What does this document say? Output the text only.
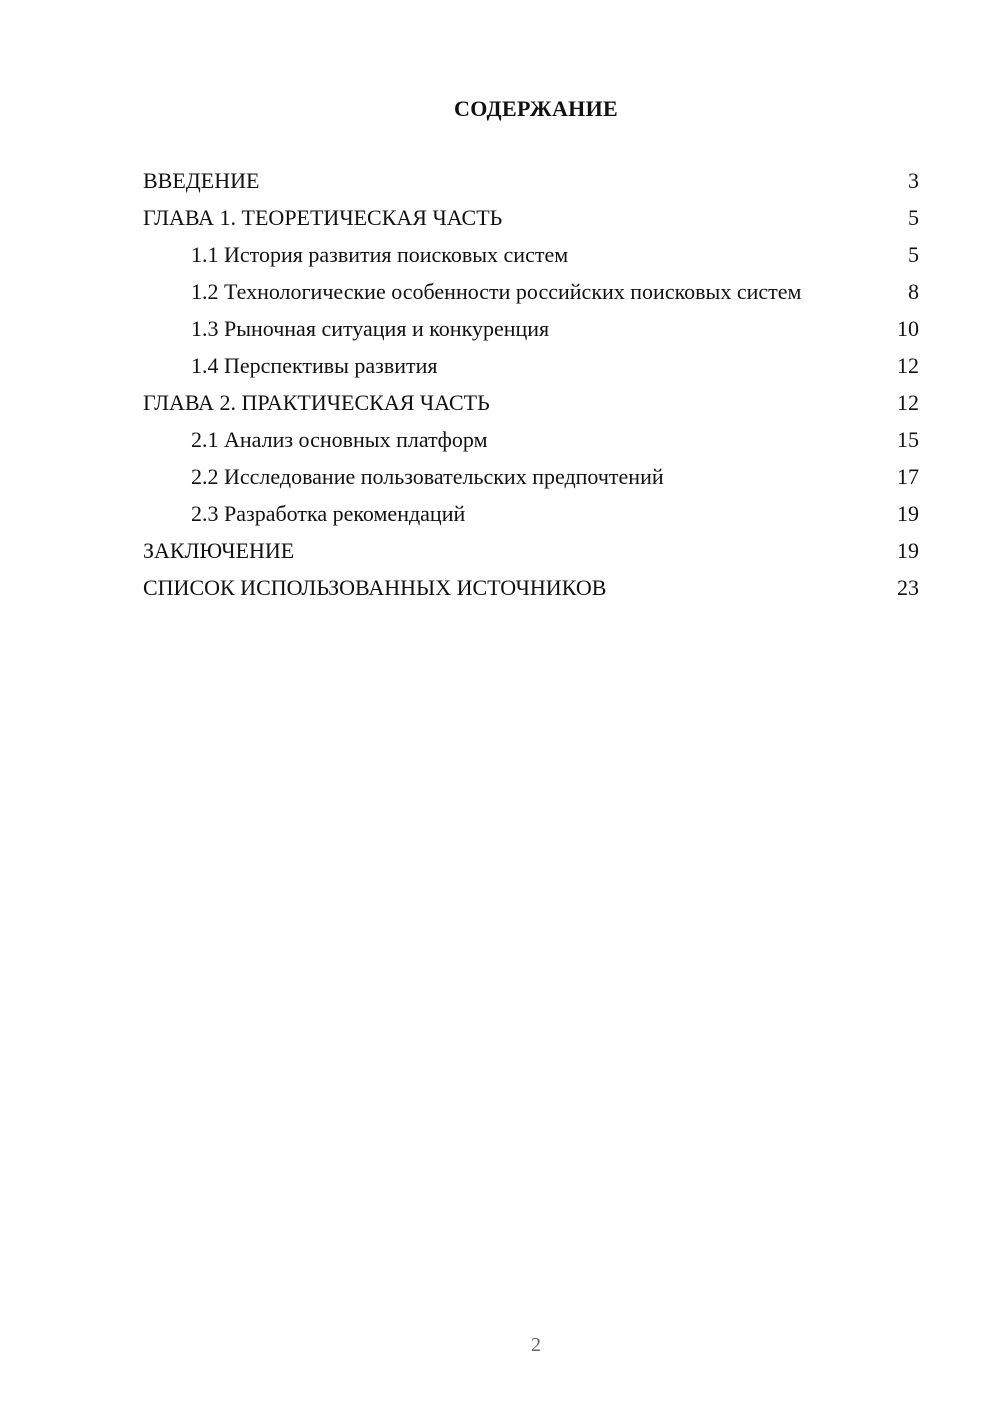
СОДЕРЖАНИЕ
ВВЕДЕНИЕ	3
ГЛАВА 1. ТЕОРЕТИЧЕСКАЯ ЧАСТЬ	5
1.1 История развития поисковых систем	5
1.2 Технологические особенности российских поисковых систем	8
1.3 Рыночная ситуация и конкуренция	10
1.4 Перспективы развития	12
ГЛАВА 2. ПРАКТИЧЕСКАЯ ЧАСТЬ	12
2.1 Анализ основных платформ	15
2.2 Исследование пользовательских предпочтений	17
2.3 Разработка рекомендаций	19
ЗАКЛЮЧЕНИЕ	19
СПИСОК ИСПОЛЬЗОВАННЫХ ИСТОЧНИКОВ	23
2
